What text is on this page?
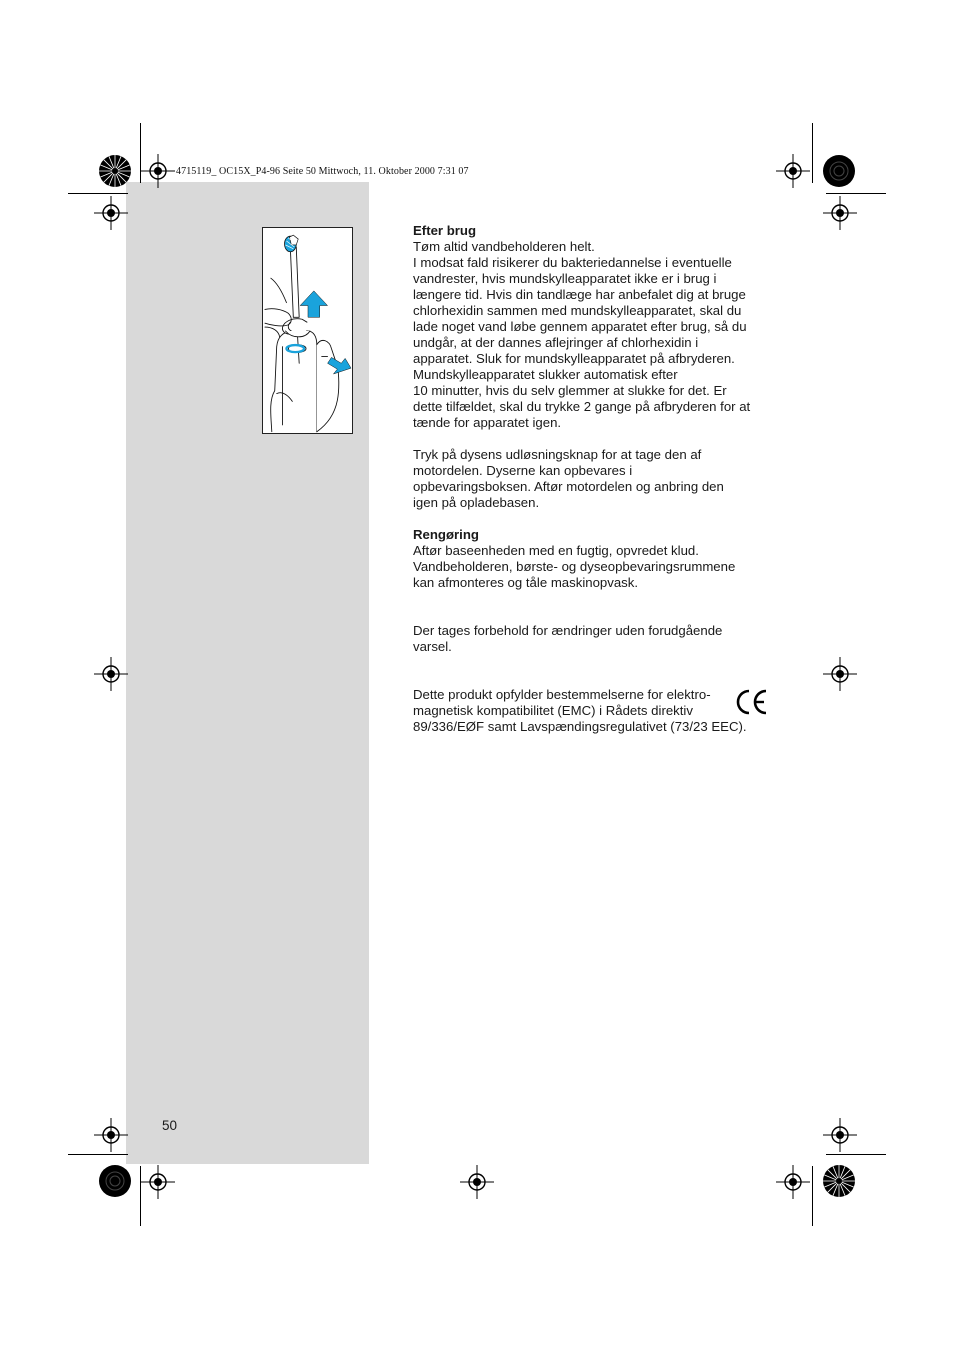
4715119_ OC15X_P4-96 Seite 50 Mittwoch, 11. Oktober 2000 7:31 07

Efter brug

Tøm altid vandbeholderen helt.

I modsat fald risikerer du bakteriedannelse i eventuelle

vandrester, hvis mundskylleapparatet ikke er i brug i

længere tid. Hvis din tandlæge har anbefalet dig at bruge

chlorhexidin sammen med mundskylleapparatet, skal du

lade noget vand løbe gennem apparatet efter brug, så du

undgår, at der dannes aflejringer af chlorhexidin i

apparatet. Sluk for mundskylleapparatet på afbryderen.

Mundskylleapparatet slukker automatisk efter

10 minutter, hvis du selv glemmer at slukke for det. Er

dette tilfældet, skal du trykke 2 gange på afbryderen for at

tænde for apparatet igen.

Tryk på dysens udløsningsknap for at tage den af

motordelen. Dyserne kan opbevares i

opbevaringsboksen. Aftør motordelen og anbring den

igen på opladebasen.

Rengøring

Aftør baseenheden med en fugtig, opvredet klud.

Vandbeholderen, børste- og dyseopbevaringsrummene

kan afmonteres og tåle maskinopvask.

Der tages forbehold for ændringer uden forudgående

varsel.

Dette produkt opfylder bestemmelserne for elektro-

magnetisk kompatibilitet (EMC) i Rådets direktiv

89/336/EØF samt Lavspændingsregulativet (73/23 EEC).

50
